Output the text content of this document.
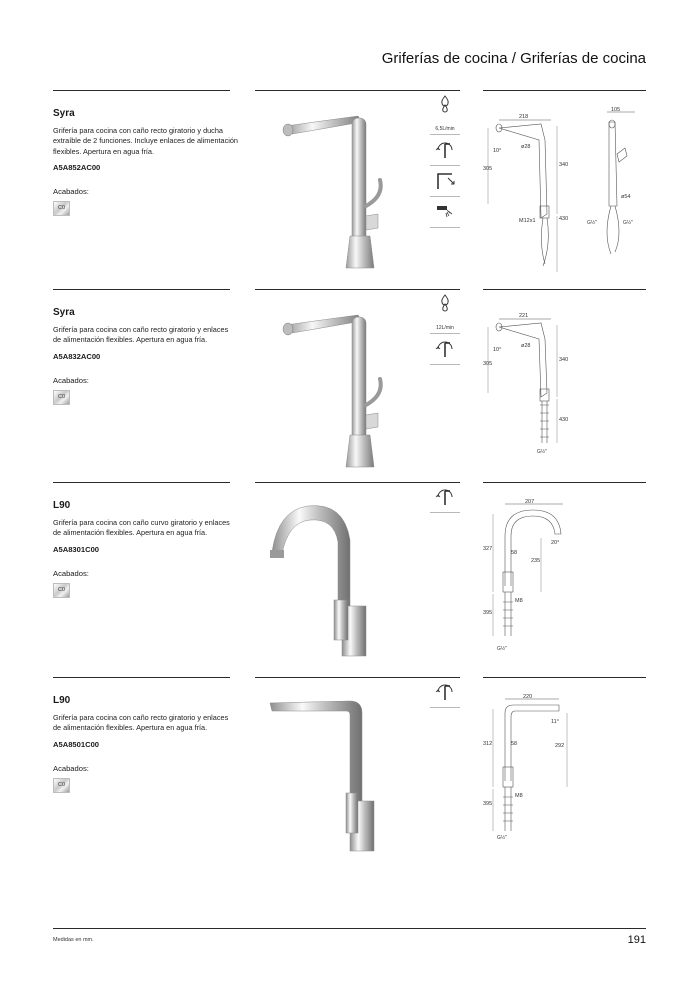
Griferías de cocina / Griferías de cocina
Syra

Grifería para cocina con caño recto giratorio y ducha extraíble de 2 funciones. Incluye enlaces de alimentación flexibles. Apertura en agua fría.

A5A852AC00
Acabados:
C0
6,5L/min
218
10°
ø28
305
340
430
M12x1
105
ø54
G½"	G½"
Syra

Grifería para cocina con caño recto giratorio y enlaces de alimentación flexibles. Apertura en agua fría.

A5A832AC00
Acabados:
C0
12L/min
221
10°
ø28
305
340
430
G½"
L90

Grifería para cocina con caño curvo giratorio y enlaces de alimentación flexibles. Apertura en agua fría.

A5A8301C00
Acabados:
C0
207
20°
327
58
235
395
M8
G½"
L90

Grifería para cocina con caño recto giratorio y enlaces de alimentación flexibles. Apertura en agua fría.

A5A8501C00
Acabados:
C0
220
11°
312	58	292
395
M8
G½"
Medidas en mm.	191
